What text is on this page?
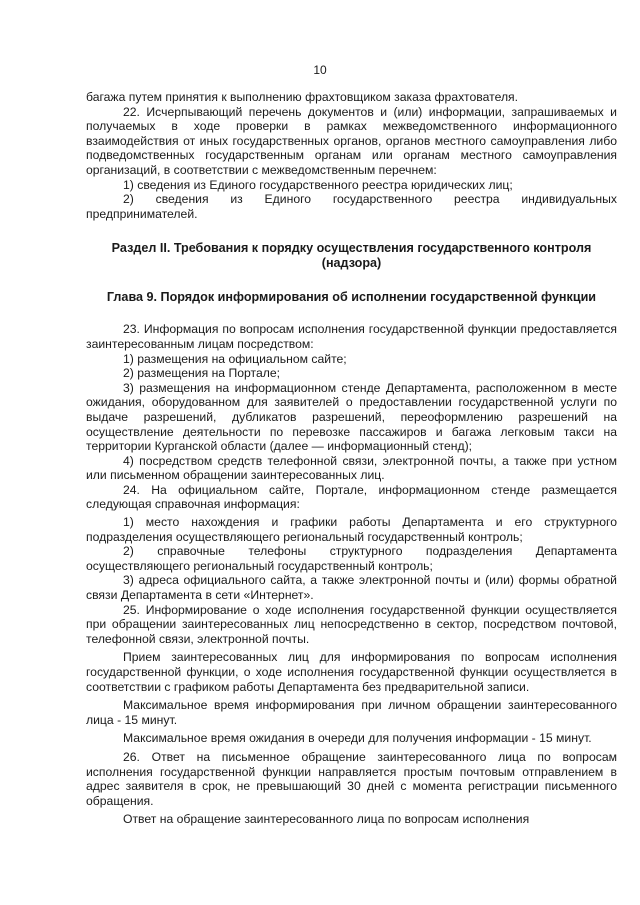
10

багажа путем принятия к выполнению фрахтовщиком заказа фрахтователя.

22. Исчерпывающий перечень документов и (или) информации, запрашиваемых и получаемых в ходе проверки в рамках межведомственного информационного взаимодействия от иных государственных органов, органов местного самоуправления либо подведомственных государственным органам или органам местного самоуправления организаций, в соответствии с межведомственным перечнем:

1) сведения из Единого государственного реестра юридических лиц;

2) сведения из Единого государственного реестра индивидуальных предпринимателей.

Раздел II. Требования к порядку осуществления государственного контроля (надзора)
Глава 9. Порядок информирования об исполнении государственной функции

23. Информация по вопросам исполнения государственной функции предоставляется заинтересованным лицам посредством:

1) размещения на официальном сайте;

2) размещения на Портале;

3) размещения на информационном стенде Департамента, расположенном в месте ожидания, оборудованном для заявителей о предоставлении государственной услуги по выдаче разрешений, дубликатов разрешений, переоформлению разрешений на осуществление деятельности по перевозке пассажиров и багажа легковым такси на территории Курганской области (далее — информационный стенд);

4) посредством средств телефонной связи, электронной почты, а также при устном или письменном обращении заинтересованных лиц.

24. На официальном сайте, Портале, информационном стенде размещается следующая справочная информация:

1) место нахождения и графики работы Департамента и его структурного подразделения осуществляющего региональный государственный контроль;

2) справочные телефоны структурного подразделения Департамента осуществляющего региональный государственный контроль;

3) адреса официального сайта, а также электронной почты и (или) формы обратной связи Департамента в сети «Интернет».

25. Информирование о ходе исполнения государственной функции осуществляется при обращении заинтересованных лиц непосредственно в сектор, посредством почтовой, телефонной связи, электронной почты.

Прием заинтересованных лиц для информирования по вопросам исполнения государственной функции, о ходе исполнения государственной функции осуществляется в соответствии с графиком работы Департамента без предварительной записи.

Максимальное время информирования при личном обращении заинтересованного лица - 15 минут.

Максимальное время ожидания в очереди для получения информации - 15 минут.

26. Ответ на письменное обращение заинтересованного лица по вопросам исполнения государственной функции направляется простым почтовым отправлением в адрес заявителя в срок, не превышающий 30 дней с момента регистрации письменного обращения.

Ответ на обращение заинтересованного лица по вопросам исполнения
